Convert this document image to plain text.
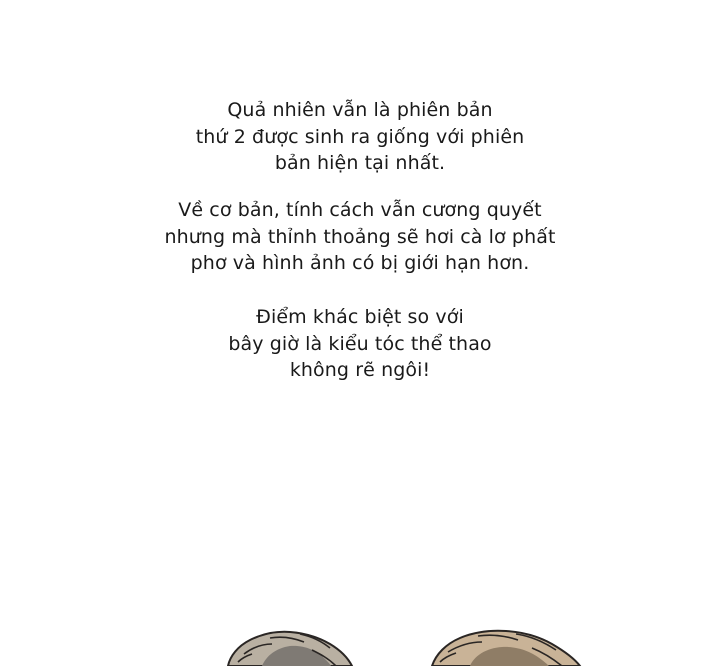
Quả nhiên vẫn là phiên bản
thứ 2 được sinh ra giống với phiên
bản hiện tại nhất.
Về cơ bản, tính cách vẫn cương quyết
nhưng mà thỉnh thoảng sẽ hơi cà lơ phất
phơ và hình ảnh có bị giới hạn hơn.
Điểm khác biệt so với
bây giờ là kiểu tóc thể thao
không rẽ ngôi!
